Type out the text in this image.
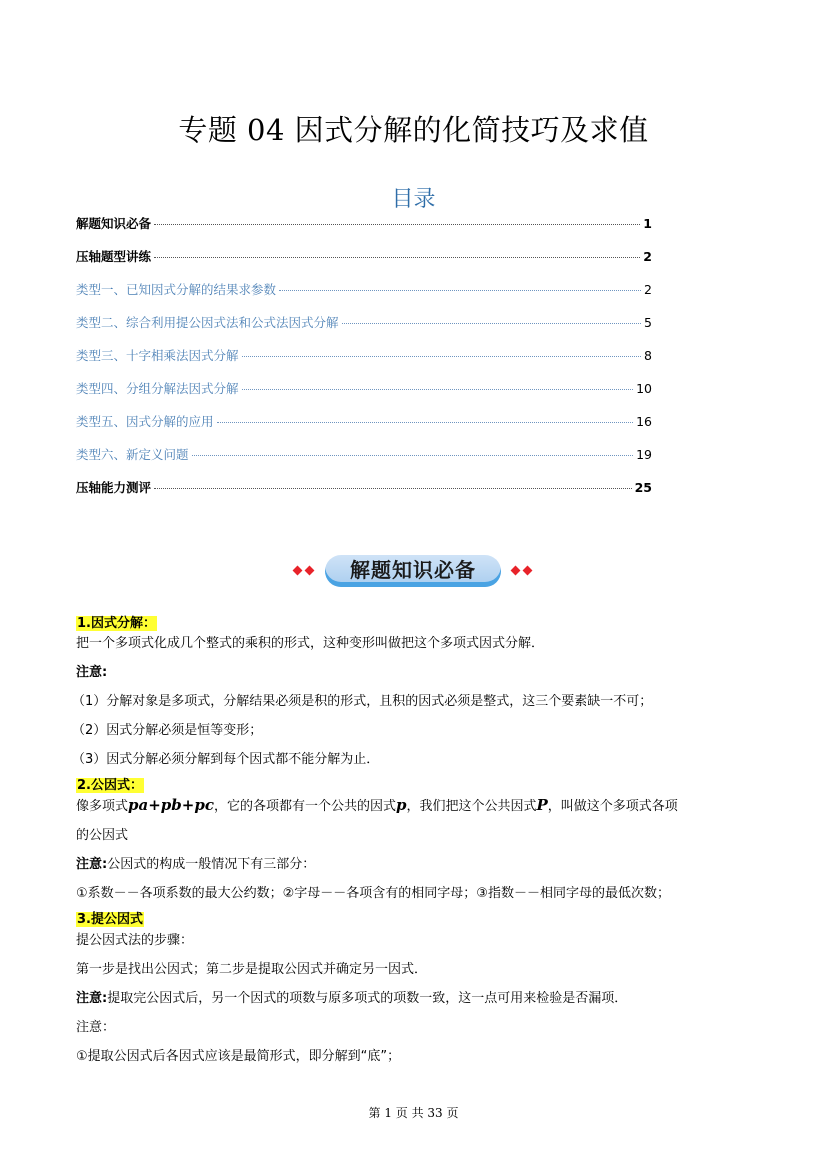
专题 04 因式分解的化简技巧及求值
目录
解题知识必备	1
压轴题型讲练	2
类型一、已知因式分解的结果求参数	2
类型二、综合利用提公因式法和公式法因式分解	5
类型三、十字相乘法因式分解	8
类型四、分组分解法因式分解	10
类型五、因式分解的应用	16
类型六、新定义问题	19
压轴能力测评	25
解题知识必备
1.因式分解：
把一个多项式化成几个整式的乘积的形式，这种变形叫做把这个多项式因式分解．
注意:
（1）分解对象是多项式，分解结果必须是积的形式，且积的因式必须是整式，这三个要素缺一不可；
（2）因式分解必须是恒等变形；
（3）因式分解必须分解到每个因式都不能分解为止．
2.公因式：
像多项式pa+pb+pc，它的各项都有一个公共的因式p，我们把这个公共因式P，叫做这个多项式各项
的公因式
注意:公因式的构成一般情况下有三部分：
①系数－－各项系数的最大公约数；②字母－－各项含有的相同字母；③指数－－相同字母的最低次数；
3.提公因式
提公因式法的步骤：
第一步是找出公因式；第二步是提取公因式并确定另一因式．
注意:提取完公因式后，另一个因式的项数与原多项式的项数一致，这一点可用来检验是否漏项．
注意：
①提取公因式后各因式应该是最简形式，即分解到“底”；
第 1 页 共 33 页
